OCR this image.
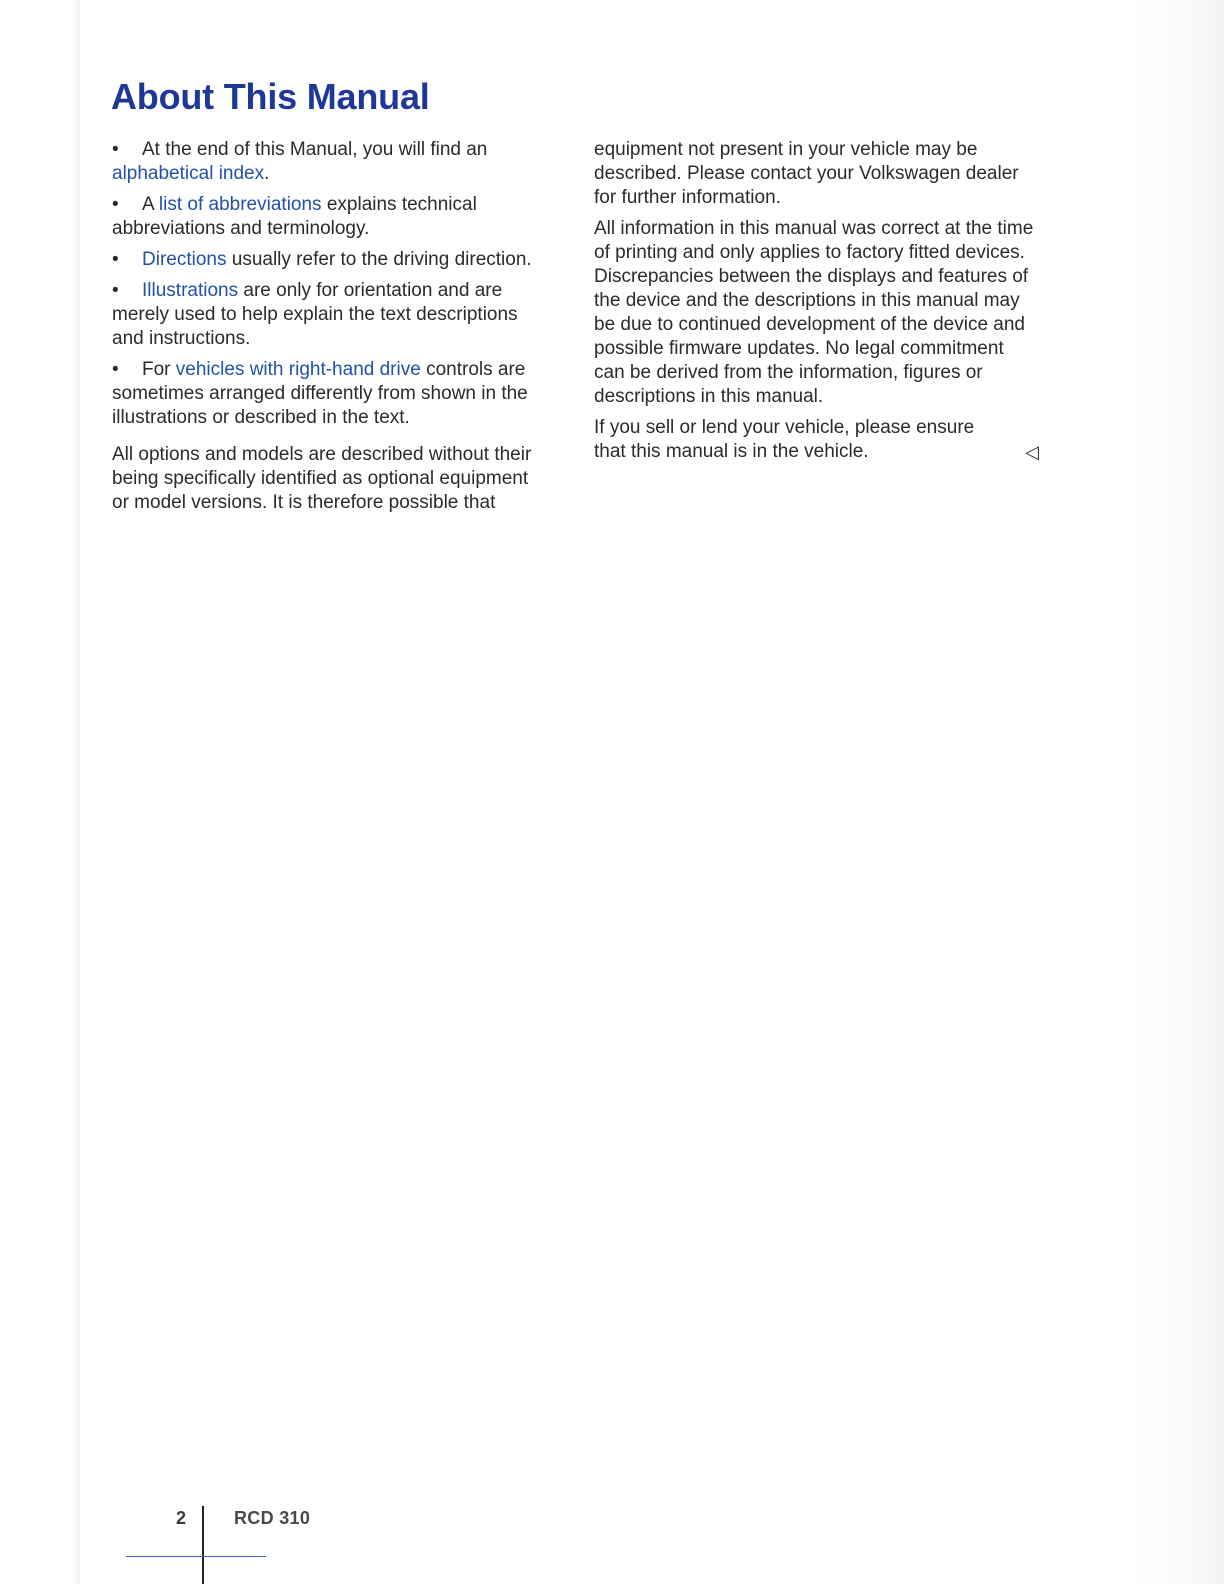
About This Manual

• At the end of this Manual, you will find an alphabetical index.

• A list of abbreviations explains technical abbreviations and terminology.

• Directions usually refer to the driving direction.

• Illustrations are only for orientation and are merely used to help explain the text descriptions and instructions.

• For vehicles with right-hand drive controls are sometimes arranged differently from shown in the illustrations or described in the text.

All options and models are described without their being specifically identified as optional equipment or model versions. It is therefore possible that

equipment not present in your vehicle may be described. Please contact your Volkswagen dealer for further information.

All information in this manual was correct at the time of printing and only applies to factory fitted devices. Discrepancies between the displays and features of the device and the descriptions in this manual may be due to continued development of the device and possible firmware updates. No legal commitment can be derived from the information, figures or descriptions in this manual.

If you sell or lend your vehicle, please ensure that this manual is in the vehicle.	◁
2	RCD 310
